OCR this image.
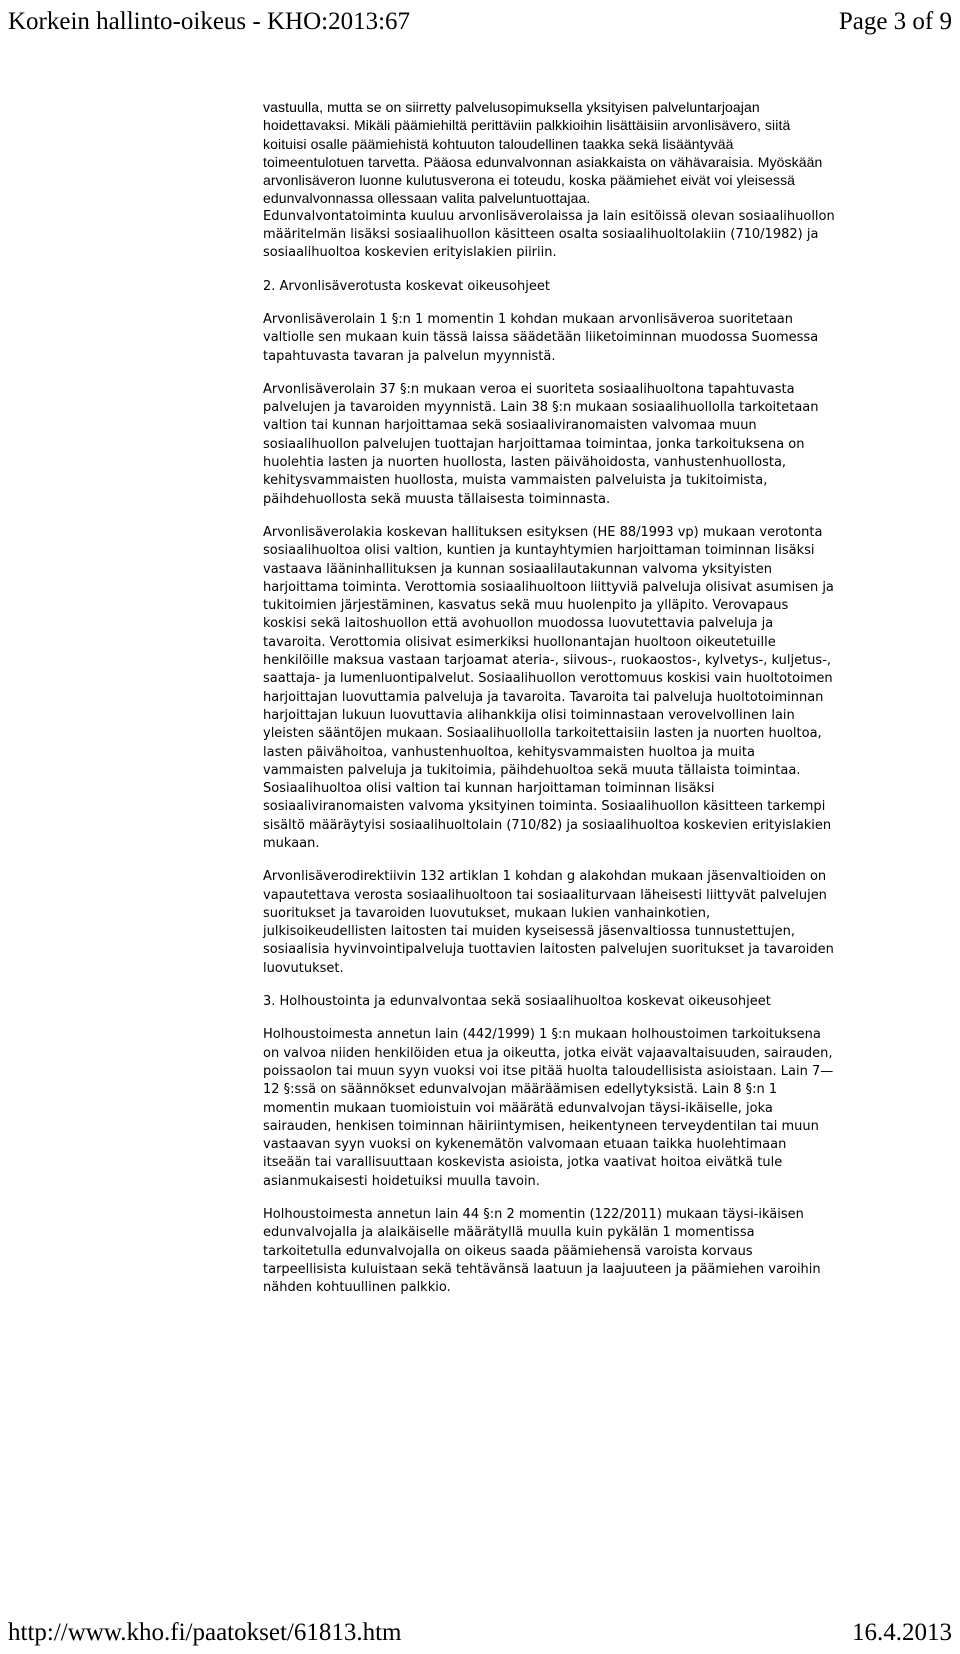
Korkein hallinto-oikeus - KHO:2013:67	Page 3 of 9

vastuulla, mutta se on siirretty palvelusopimuksella yksityisen palveluntarjoajan hoidettavaksi. Mikäli päämiehiltä perittäviin palkkioihin lisättäisiin arvonlisävero, siitä koituisi osalle päämiehistä kohtuuton taloudellinen taakka sekä lisääntyvää toimeentulotuen tarvetta. Pääosa edunvalvonnan asiakkaista on vähävaraisia. Myöskään arvonlisäveron luonne kulutusverona ei toteudu, koska päämiehet eivät voi yleisessä edunvalvonnassa ollessaan valita palveluntuottajaa.

Edunvalvontatoiminta kuuluu arvonlisäverolaissa ja lain esitöissä olevan sosiaalihuollon määritelmän lisäksi sosiaalihuollon käsitteen osalta sosiaalihuoltolakiin (710/1982) ja sosiaalihuoltoa koskevien erityislakien piiriin.

2. Arvonlisäverotusta koskevat oikeusohjeet

Arvonlisäverolain 1 §:n 1 momentin 1 kohdan mukaan arvonlisäveroa suoritetaan valtiolle sen mukaan kuin tässä laissa säädetään liiketoiminnan muodossa Suomessa tapahtuvasta tavaran ja palvelun myynnistä.

Arvonlisäverolain 37 §:n mukaan veroa ei suoriteta sosiaalihuoltona tapahtuvasta palvelujen ja tavaroiden myynnistä. Lain 38 §:n mukaan sosiaalihuollolla tarkoitetaan valtion tai kunnan harjoittamaa sekä sosiaaliviranomaisten valvomaa muun sosiaalihuollon palvelujen tuottajan harjoittamaa toimintaa, jonka tarkoituksena on huolehtia lasten ja nuorten huollosta, lasten päivähoidosta, vanhustenhuollosta, kehitysvammaisten huollosta, muista vammaisten palveluista ja tukitoimista, päihdehuollosta sekä muusta tällaisesta toiminnasta.

Arvonlisäverolakia koskevan hallituksen esityksen (HE 88/1993 vp) mukaan verotonta sosiaalihuoltoa olisi valtion, kuntien ja kuntayhtymien harjoittaman toiminnan lisäksi vastaava lääninhallituksen ja kunnan sosiaalilautakunnan valvoma yksityisten harjoittama toiminta. Verottomia sosiaalihuoltoon liittyviä palveluja olisivat asumisen ja tukitoimien järjestäminen, kasvatus sekä muu huolenpito ja ylläpito. Verovapaus koskisi sekä laitoshuollon että avohuollon muodossa luovutettavia palveluja ja tavaroita. Verottomia olisivat esimerkiksi huollonantajan huoltoon oikeutetuille henkilöille maksua vastaan tarjoamat ateria-, siivous-, ruokaostos-, kylvetys-, kuljetus-, saattaja- ja lumenluontipalvelut. Sosiaalihuollon verottomuus koskisi vain huoltotoimen harjoittajan luovuttamia palveluja ja tavaroita. Tavaroita tai palveluja huoltotoiminnan harjoittajan lukuun luovuttavia alihankkija olisi toiminnastaan verovelvollinen lain yleisten sääntöjen mukaan. Sosiaalihuollolla tarkoitettaisiin lasten ja nuorten huoltoa, lasten päivähoitoa, vanhustenhuoltoa, kehitysvammaisten huoltoa ja muita vammaisten palveluja ja tukitoimia, päihdehuoltoa sekä muuta tällaista toimintaa. Sosiaalihuoltoa olisi valtion tai kunnan harjoittaman toiminnan lisäksi sosiaaliviranomaisten valvoma yksityinen toiminta. Sosiaalihuollon käsitteen tarkempi sisältö määräytyisi sosiaalihuoltolain (710/82) ja sosiaalihuoltoa koskevien erityislakien mukaan.

Arvonlisäverodirektiivin 132 artiklan 1 kohdan g alakohdan mukaan jäsenvaltioiden on vapautettava verosta sosiaalihuoltoon tai sosiaaliturvaan läheisesti liittyvät palvelujen suoritukset ja tavaroiden luovutukset, mukaan lukien vanhainkotien, julkisoikeudellisten laitosten tai muiden kyseisessä jäsenvaltiossa tunnustettujen, sosiaalisia hyvinvointipalveluja tuottavien laitosten palvelujen suoritukset ja tavaroiden luovutukset.

3. Holhoustointa ja edunvalvontaa sekä sosiaalihuoltoa koskevat oikeusohjeet

Holhoustoimesta annetun lain (442/1999) 1 §:n mukaan holhoustoimen tarkoituksena on valvoa niiden henkilöiden etua ja oikeutta, jotka eivät vajaavaltaisuuden, sairauden, poissaolon tai muun syyn vuoksi voi itse pitää huolta taloudellisista asioistaan. Lain 7—12 §:ssä on säännökset edunvalvojan määräämisen edellytyksistä. Lain 8 §:n 1 momentin mukaan tuomioistuin voi määrätä edunvalvojan täysi-ikäiselle, joka sairauden, henkisen toiminnan häiriintymisen, heikentyneen terveydentilan tai muun vastaavan syyn vuoksi on kykenemätön valvomaan etuaan taikka huolehtimaan itseään tai varallisuuttaan koskevista asioista, jotka vaativat hoitoa eivätkä tule asianmukaisesti hoidetuiksi muulla tavoin.

Holhoustoimesta annetun lain 44 §:n 2 momentin (122/2011) mukaan täysi-ikäisen edunvalvojalla ja alaikäiselle määrätyllä muulla kuin pykälän 1 momentissa tarkoitetulla edunvalvojalla on oikeus saada päämiehensä varoista korvaus tarpeellisista kuluistaan sekä tehtävänsä laatuun ja laajuuteen ja päämiehen varoihin nähden kohtuullinen palkkio.

http://www.kho.fi/paatokset/61813.htm	16.4.2013
